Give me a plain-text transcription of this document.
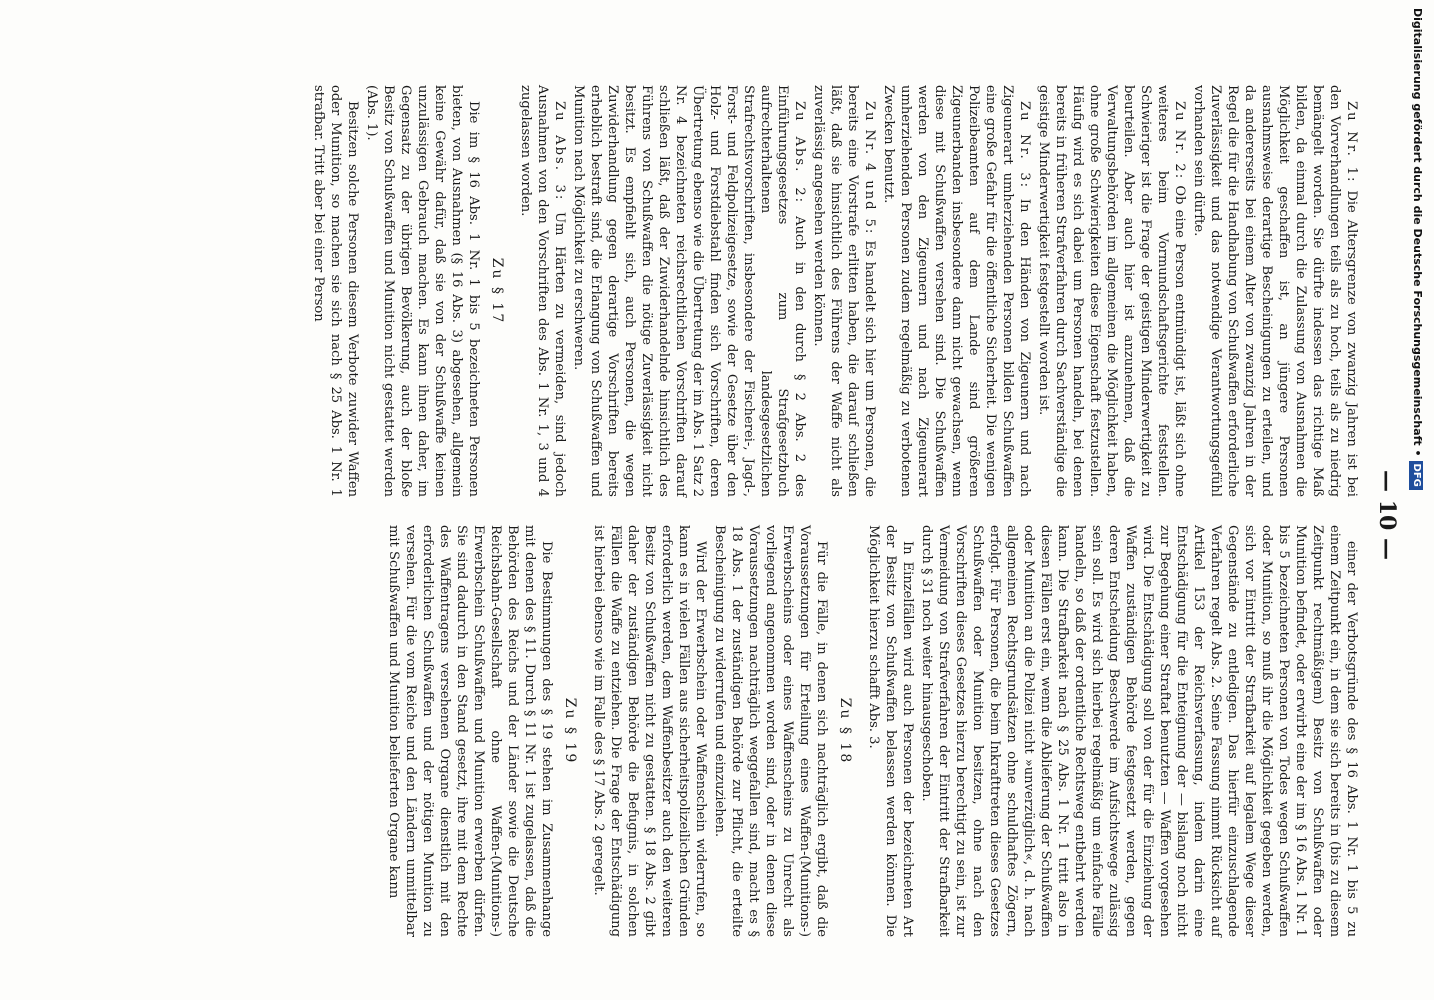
— 10 —

Zu Nr. 1: Die Altersgrenze von zwanzig Jahren ist bei den Vorverhandlungen teils als zu hoch, teils als zu niedrig bemängelt worden. Sie dürfte indessen das richtige Maß bilden, da einmal durch die Zulassung von Ausnahmen die Möglichkeit geschaffen ist, an jüngere Personen ausnahmsweise derartige Bescheinigungen zu erteilen, und da andererseits bei einem Alter von zwanzig Jahren in der Regel die für die Handhabung von Schußwaffen erforderliche Zuverlässigkeit und das notwendige Verantwortungsgefühl vorhanden sein dürfte.

Zu Nr. 2: Ob eine Person entmündigt ist, läßt sich ohne weiteres beim Vormundschaftsgerichte feststellen. Schwieriger ist die Frage der geistigen Minderwertigkeit zu beurteilen. Aber auch hier ist anzunehmen, daß die Verwaltungsbehörden im allgemeinen die Möglichkeit haben, ohne große Schwierigkeiten diese Eigenschaft festzustellen. Häufig wird es sich dabei um Personen handeln, bei denen bereits in früheren Strafverfahren durch Sachverständige die geistige Minderwertigkeit festgestellt worden ist.

Zu Nr. 3: In den Händen von Zigeunern und nach Zigeunerart umherziehenden Personen bilden Schußwaffen eine große Gefahr für die öffentliche Sicherheit. Die wenigen Polizeibeamten auf dem Lande sind größeren Zigeunerbanden insbesondere dann nicht gewachsen, wenn diese mit Schußwaffen versehen sind. Die Schußwaffen werden von den Zigeunern und nach Zigeunerart umherziehenden Personen zudem regelmäßig zu verbotenen Zwecken benutzt.

Zu Nr. 4 und 5: Es handelt sich hier um Personen, die bereits eine Vorstrafe erlitten haben, die darauf schließen läßt, daß sie hinsichtlich des Führens der Waffe nicht als zuverlässig angesehen werden können.

Zu Abs. 2: Auch in den durch § 2 Abs. 2 des Einführungsgesetzes zum Strafgesetzbuch aufrechterhaltenen landesgesetzlichen Strafrechtsvorschriften, insbesondere der Fischerei-, Jagd-, Forst- und Feldpolizeigesetze, sowie der Gesetze über den Holz- und Forstdiebstahl finden sich Vorschriften, deren Übertretung ebenso wie die Übertretung der im Abs. 1 Satz 2 Nr. 4 bezeichneten reichsrechtlichen Vorschriften darauf schließen läßt, daß der Zuwiderhandelnde hinsichtlich des Führens von Schußwaffen die nötige Zuverlässigkeit nicht besitzt. Es empfiehlt sich, auch Personen, die wegen Zuwiderhandlung gegen derartige Vorschriften bereits erheblich bestraft sind, die Erlangung von Schußwaffen und Munition nach Möglichkeit zu erschweren.

Zu Abs. 3: Um Härten zu vermeiden, sind jedoch Ausnahmen von den Vorschriften des Abs. 1 Nr. 1, 3 und 4 zugelassen worden.

Zu § 17

Die im § 16 Abs. 1 Nr. 1 bis 5 bezeichneten Personen bieten, von Ausnahmen (§ 16 Abs. 3) abgesehen, allgemein keine Gewähr dafür, daß sie von der Schußwaffe keinen unzulässigen Gebrauch machen. Es kann ihnen daher, im Gegensatz zu der übrigen Bevölkerung, auch der bloße Besitz von Schußwaffen und Munition nicht gestattet werden (Abs. 1).

Besitzen solche Personen diesem Verbote zuwider Waffen oder Munition, so machen sie sich nach § 25 Abs. 1 Nr. 1 strafbar. Tritt aber bei einer Person

einer der Verbotsgründe des § 16 Abs. 1 Nr. 1 bis 5 zu einem Zeitpunkt ein, in dem sie sich bereits in (bis zu diesem Zeitpunkt rechtmäßigem) Besitz von Schußwaffen oder Munition befindet, oder erwirbt eine der im § 16 Abs. 1 Nr. 1 bis 5 bezeichneten Personen von Todes wegen Schußwaffen oder Munition, so muß ihr die Möglichkeit gegeben werden, sich vor Eintritt der Strafbarkeit auf legalem Wege dieser Gegenstände zu entledigen. Das hierfür einzuschlagende Verfahren regelt Abs. 2. Seine Fassung nimmt Rücksicht auf Artikel 153 der Reichsverfassung, indem darin eine Entschädigung für die Enteignung der — bislang noch nicht zur Begehung einer Straftat benutzten — Waffen vorgesehen wird. Die Entschädigung soll von der für die Einziehung der Waffen zuständigen Behörde festgesetzt werden, gegen deren Entscheidung Beschwerde im Aufsichtswege zulässig sein soll. Es wird sich hierbei regelmäßig um einfache Fälle handeln, so daß der ordentliche Rechtsweg entbehrt werden kann. Die Strafbarkeit nach § 25 Abs. 1 Nr. 1 tritt also in diesen Fällen erst ein, wenn die Ablieferung der Schußwaffen oder Munition an die Polizei nicht »unverzüglich«, d. h. nach allgemeinen Rechtsgrundsätzen ohne schuldhaftes Zögern, erfolgt. Für Personen, die beim Inkrafttreten dieses Gesetzes Schußwaffen oder Munition besitzen, ohne nach den Vorschriften dieses Gesetzes hierzu berechtigt zu sein, ist zur Vermeidung von Strafverfahren der Eintritt der Strafbarkeit durch § 31 noch weiter hinausgeschoben.

In Einzelfällen wird auch Personen der bezeichneten Art der Besitz von Schußwaffen belassen werden können. Die Möglichkeit hierzu schafft Abs. 3.

Zu § 18

Für die Fälle, in denen sich nachträglich ergibt, daß die Voraussetzungen für Erteilung eines Waffen-(Munitions-) Erwerbscheins oder eines Waffenscheins zu Unrecht als vorliegend angenommen worden sind, oder in denen diese Voraussetzungen nachträglich weggefallen sind, macht es § 18 Abs. 1 der zuständigen Behörde zur Pflicht, die erteilte Bescheinigung zu widerrufen und einzuziehen.

Wird der Erwerbschein oder Waffenschein widerrufen, so kann es in vielen Fällen aus sicherheitspolizeilichen Gründen erforderlich werden, dem Waffenbesitzer auch den weiteren Besitz von Schußwaffen nicht zu gestatten. § 18 Abs. 2 gibt daher der zuständigen Behörde die Befugnis, in solchen Fällen die Waffe zu entziehen. Die Frage der Entschädigung ist hierbei ebenso wie im Falle des § 17 Abs. 2 geregelt.

Zu § 19

Die Bestimmungen des § 19 stehen im Zusammenhange mit denen des § 11. Durch § 11 Nr. 1 ist zugelassen, daß die Behörden des Reichs und der Länder sowie die Deutsche Reichsbahn-Gesellschaft ohne Waffen-(Munitions-) Erwerbschein Schußwaffen und Munition erwerben dürfen. Sie sind dadurch in den Stand gesetzt, ihre mit dem Rechte des Waffentragens versehenen Organe dienstlich mit den erforderlichen Schußwaffen und der nötigen Munition zu versehen. Für die vom Reiche und den Ländern unmittelbar mit Schußwaffen und Munition belieferten Organe kann

Digitalisierung gefördert durch die Deutsche Forschungsgemeinschaft •DFG
